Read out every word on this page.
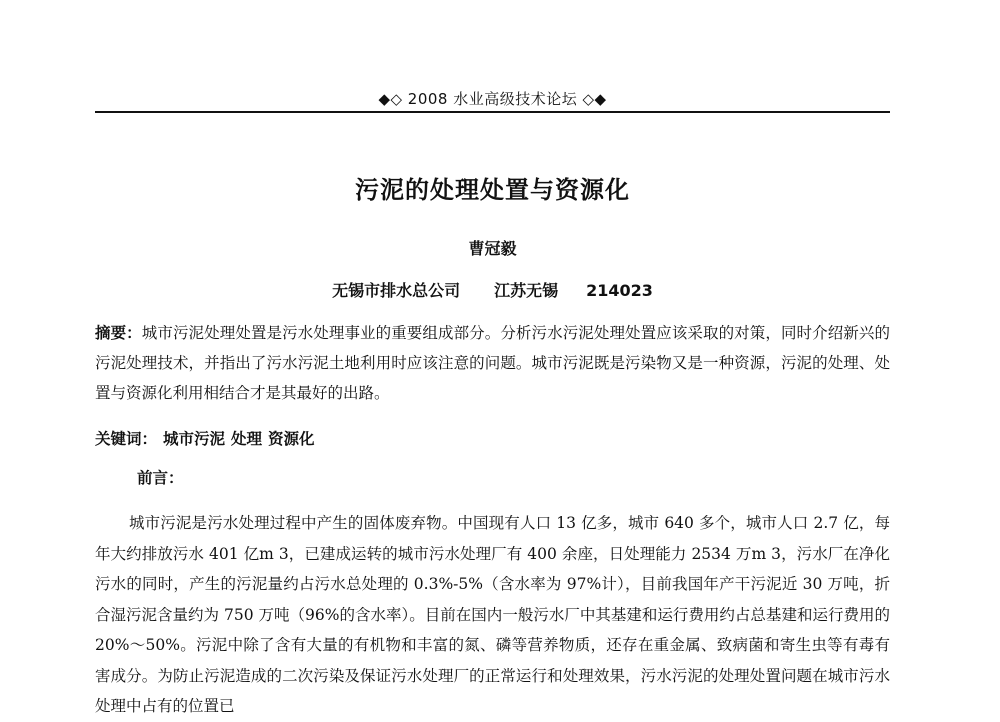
◆◇ 2008 水业高级技术论坛 ◇◆
污泥的处理处置与资源化
曹冠毅
无锡市排水总公司 江苏无锡 214023
摘要：城市污泥处理处置是污水处理事业的重要组成部分。分析污水污泥处理处置应该采取的对策，同时介绍新兴的污泥处理技术，并指出了污水污泥土地利用时应该注意的问题。城市污泥既是污染物又是一种资源，污泥的处理、处置与资源化利用相结合才是其最好的出路。
关键词： 城市污泥 处理 资源化
前言：
城市污泥是污水处理过程中产生的固体废弃物。中国现有人口 13 亿多，城市 640 多个，城市人口 2.7 亿，每年大约排放污水 401 亿m 3，已建成运转的城市污水处理厂有 400 余座，日处理能力 2534 万m 3，污水厂在净化污水的同时，产生的污泥量约占污水总处理的 0.3%-5%（含水率为 97%计），目前我国年产干污泥近 30 万吨，折合湿污泥含量约为 750 万吨（96%的含水率）。目前在国内一般污水厂中其基建和运行费用约占总基建和运行费用的 20%～50%。污泥中除了含有大量的有机物和丰富的氮、磷等营养物质，还存在重金属、致病菌和寄生虫等有毒有害成分。为防止污泥造成的二次污染及保证污水处理厂的正常运行和处理效果，污水污泥的处理处置问题在城市污水处理中占有的位置已
